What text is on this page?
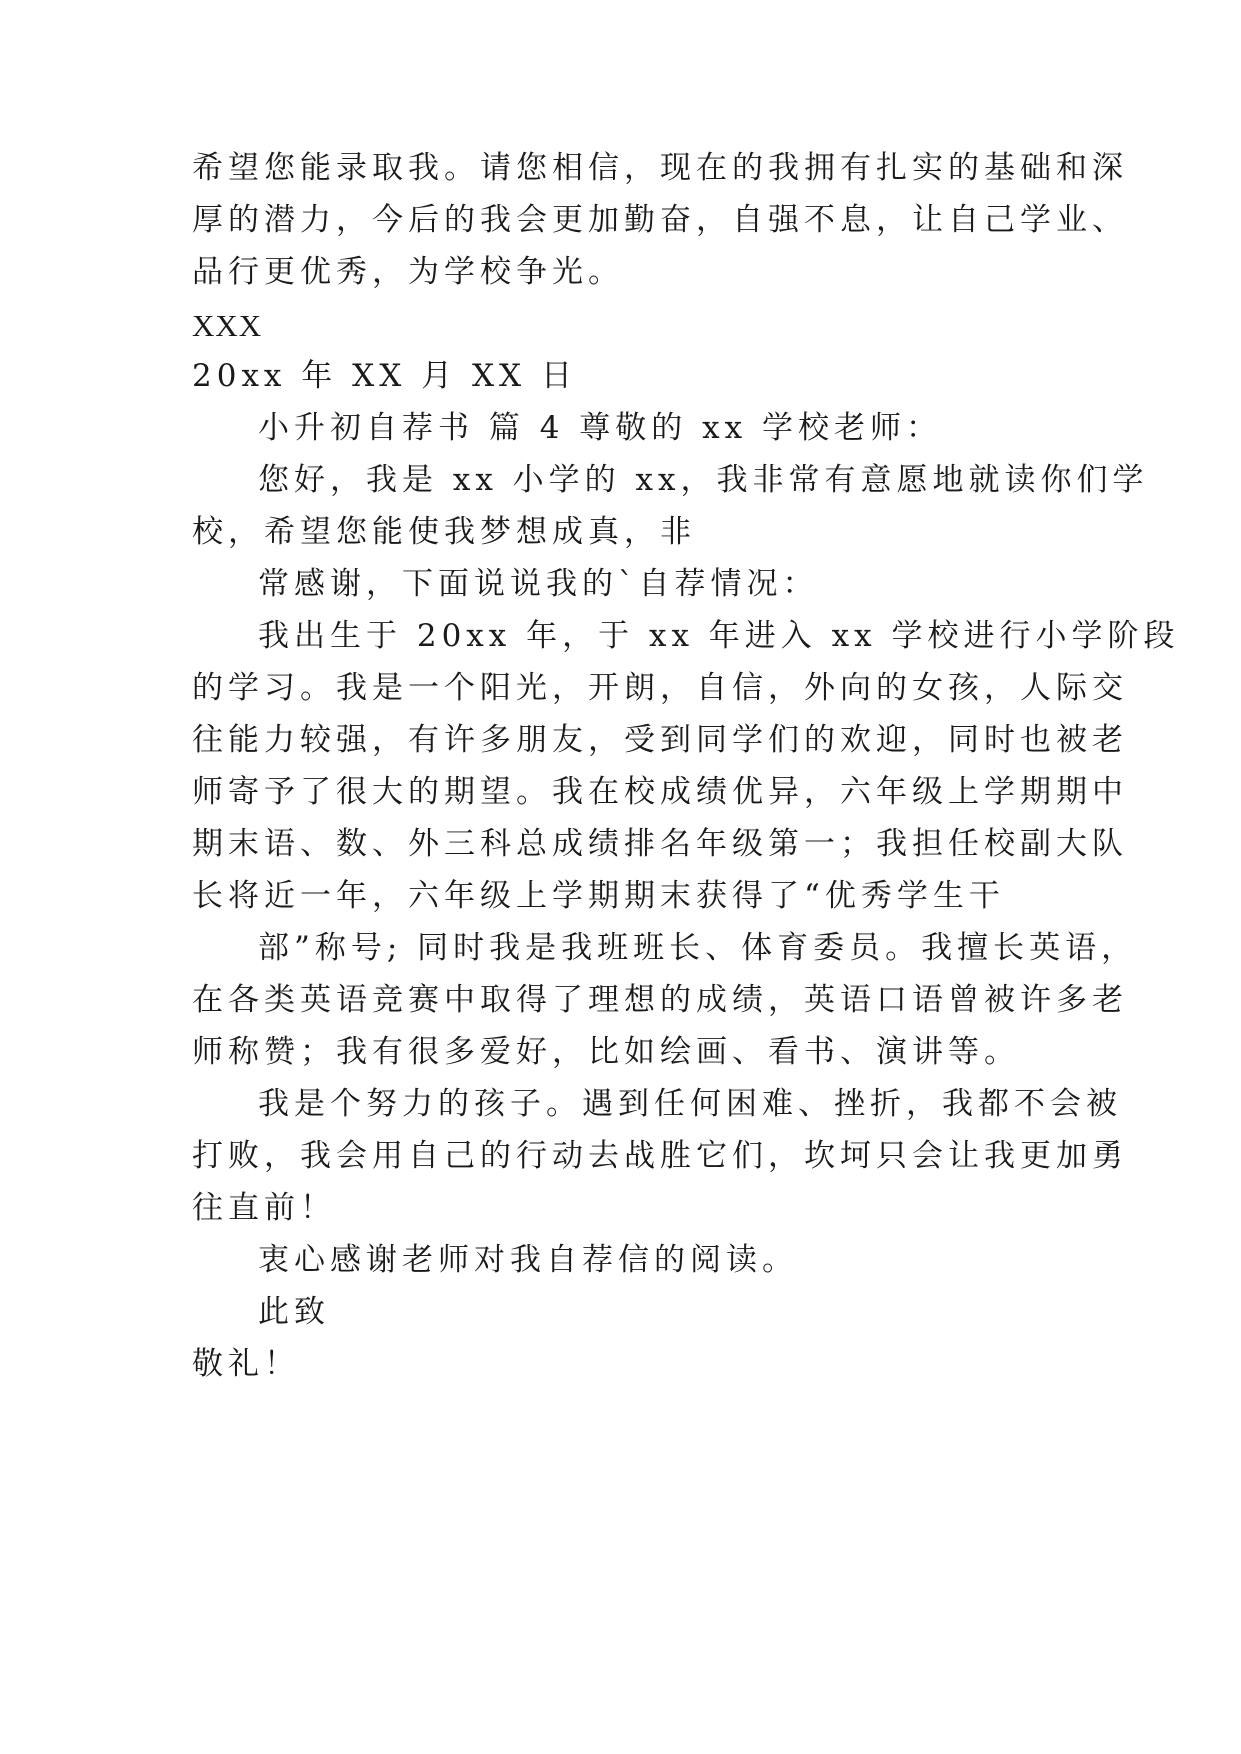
希望您能录取我。请您相信，现在的我拥有扎实的基础和深
厚的潜力，今后的我会更加勤奋，自强不息，让自己学业、
品行更优秀，为学校争光。
XXX
20xx 年 XX 月 XX 日
小升初自荐书 篇 4 尊敬的 xx 学校老师：
您好，我是 xx 小学的 xx，我非常有意愿地就读你们学
校，希望您能使我梦想成真，非
常感谢，下面说说我的`自荐情况：
我出生于 20xx 年，于 xx 年进入 xx 学校进行小学阶段
的学习。我是一个阳光，开朗，自信，外向的女孩，人际交
往能力较强，有许多朋友，受到同学们的欢迎，同时也被老
师寄予了很大的期望。我在校成绩优异，六年级上学期期中
期末语、数、外三科总成绩排名年级第一；我担任校副大队
长将近一年，六年级上学期期末获得了“优秀学生干
部”称号; 同时我是我班班长、体育委员。我擅长英语，
在各类英语竞赛中取得了理想的成绩，英语口语曾被许多老
师称赞；我有很多爱好，比如绘画、看书、演讲等。
我是个努力的孩子。遇到任何困难、挫折，我都不会被
打败，我会用自己的行动去战胜它们，坎坷只会让我更加勇
往直前！
衷心感谢老师对我自荐信的阅读。
此致
敬礼！
